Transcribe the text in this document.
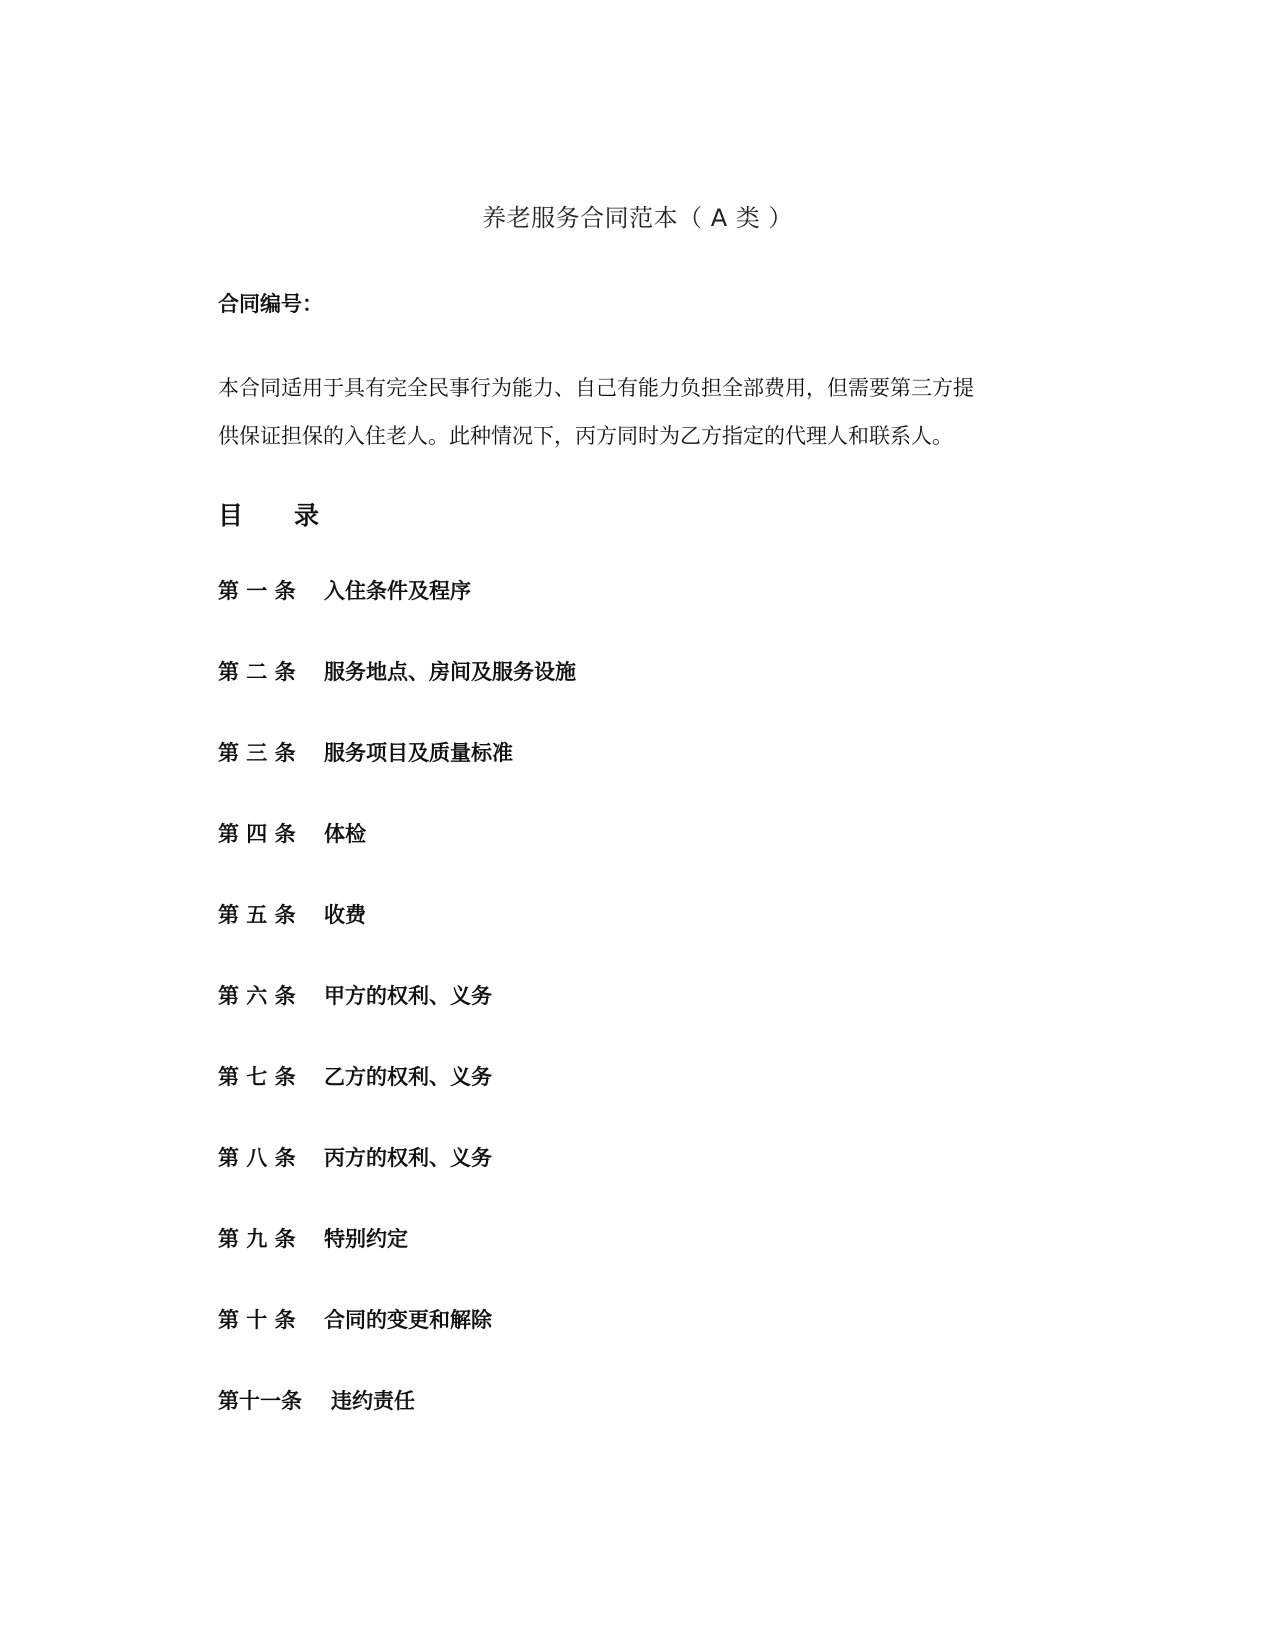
养老服务合同范本（ A 类 ）
合同编号：

本合同适用于具有完全民事行为能力、自己有能力负担全部费用，但需要第三方提
供保证担保的入住老人。此种情况下，丙方同时为乙方指定的代理人和联系人。

目	录
第 一 条	入住条件及程序
第 二 条	服务地点、房间及服务设施
第 三 条	服务项目及质量标准
第 四 条	体检
第 五 条	收费
第 六 条	甲方的权利、义务
第 七 条	乙方的权利、义务
第 八 条	丙方的权利、义务
第 九 条	特别约定
第 十 条	合同的变更和解除
第十一条	违约责任
